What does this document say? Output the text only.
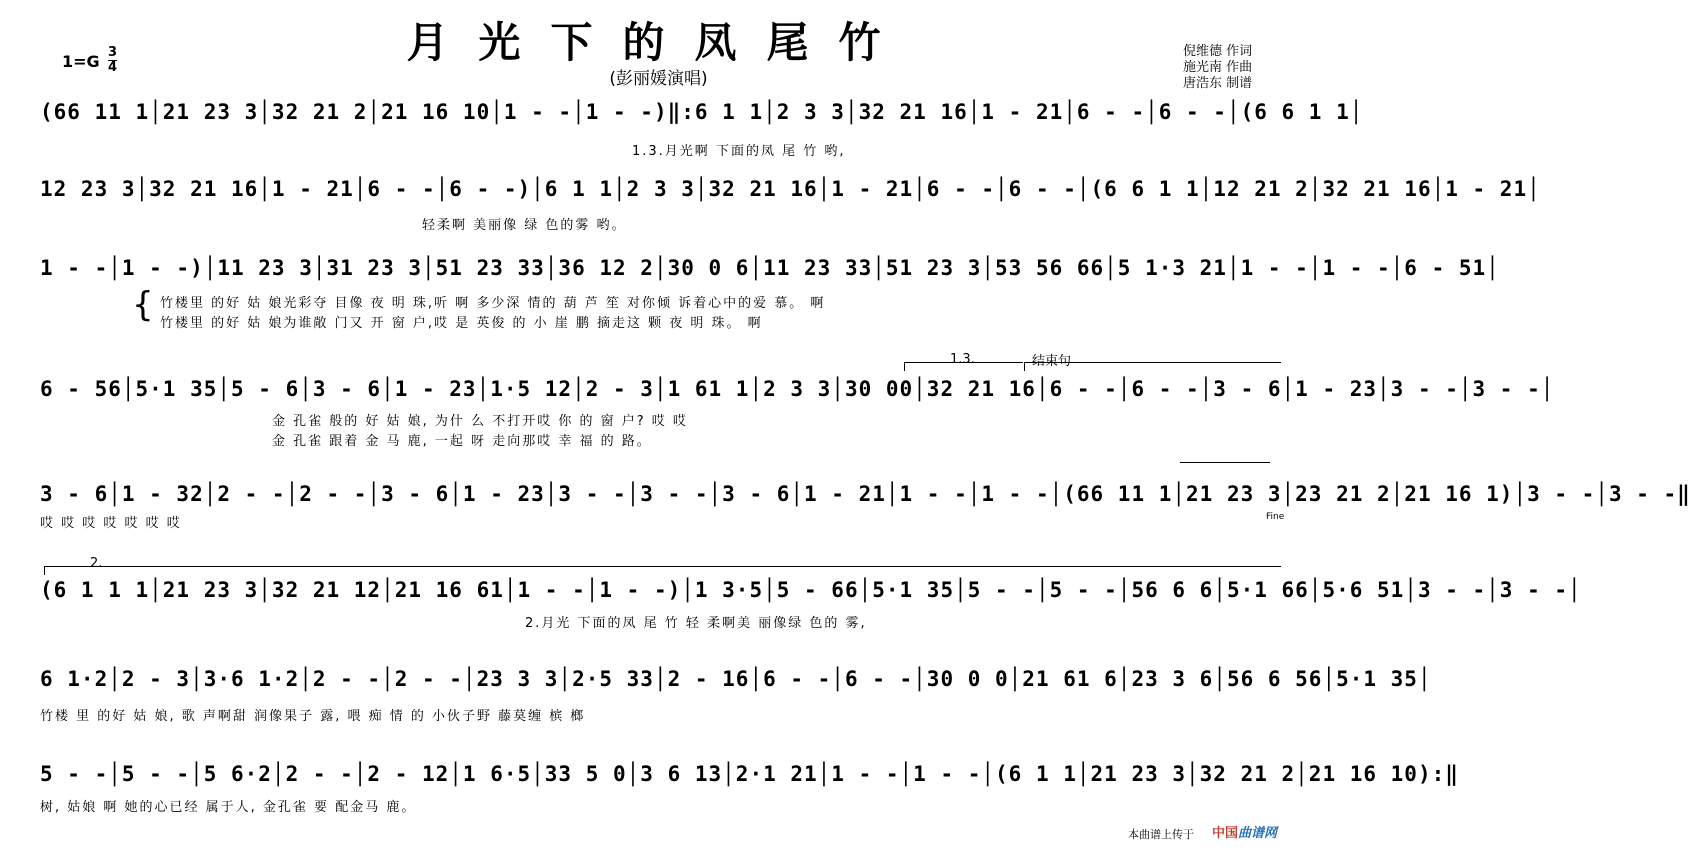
月光下的凤尾竹
(彭丽媛演唱)
1=G 3
4
倪维德 作词
施光南 作曲
唐浩东 制谱
(66 11 1│21 23 3│32 21 2│21 16 10│1 - -│1 - -)‖:6 1 1│2 3 3│32 21 16│1 - 21│6 - -│6 - -│(6 6 1 1│
1.3.月光啊 下面的凤 尾 竹 哟,
12 23 3│32 21 16│1 - 21│6 - -│6 - -)│6 1 1│2 3 3│32 21 16│1 - 21│6 - -│6 - -│(6 6 1 1│12 21 2│32 21 16│1 - 21│
轻柔啊 美丽像 绿 色的雾 哟。
1 - -│1 - -)│11 23 3│31 23 3│51 23 33│36 12 2│30 0 6│11 23 33│51 23 3│53 56 66│5 1·3 21│1 - -│1 - -│6 - 51│
{ 竹楼里 的好 姑 娘光彩夺 目像 夜 明 珠,听 啊 多少深 情的 葫 芦 笙 对你倾 诉着心中的爱 慕。 啊
竹楼里 的好 姑 娘为谁敞 门又 开 窗 户,哎 是 英俊 的 小 崖 鹏 摘走这 颗 夜 明 珠。 啊
1.3.	结束句
6 - 56│5·1 35│5 - 6│3 - 6│1 - 23│1·5 12│2 - 3│1 61 1│2 3 3│30 00│32 21 16│6 - -│6 - -│3 - 6│1 - 23│3 - -│3 - -│
金 孔雀 般的 好 姑 娘, 为什 么 不打开哎 你 的 窗 户? 哎 哎
金 孔雀 跟着 金 马 鹿, 一起 呀 走向那哎 幸 福 的 路。
3 - 6│1 - 32│2 - -│2 - -│3 - 6│1 - 23│3 - -│3 - -│3 - 6│1 - 21│1 - -│1 - -│(66 11 1│21 23 3│23 21 2│21 16 1)│3 - -│3 - -‖
Fine
哎 哎 哎 哎 哎 哎 哎
2.
(6 1 1 1│21 23 3│32 21 12│21 16 61│1 - -│1 - -)│1 3·5│5 - 66│5·1 35│5 - -│5 - -│56 6 6│5·1 66│5·6 51│3 - -│3 - -│
2.月光 下面的凤 尾 竹 轻 柔啊美 丽像绿 色的 雾,
6 1·2│2 - 3│3·6 1·2│2 - -│2 - -│23 3 3│2·5 33│2 - 16│6 - -│6 - -│30 0 0│21 61 6│23 3 6│56 6 56│5·1 35│
竹楼 里 的好 姑 娘, 歌 声啊甜 润像果子 露, 喂 痴 情 的 小伙子野 藤莫缠 槟 榔
5 - -│5 - -│5 6·2│2 - -│2 - 12│1 6·5│33 5 0│3 6 13│2·1 21│1 - -│1 - -│(6 1 1│21 23 3│32 21 2│21 16 10):‖
树, 姑娘 啊 她的心已经 属于人, 金孔雀 要 配金马 鹿。
本曲谱上传于 中国曲谱网
